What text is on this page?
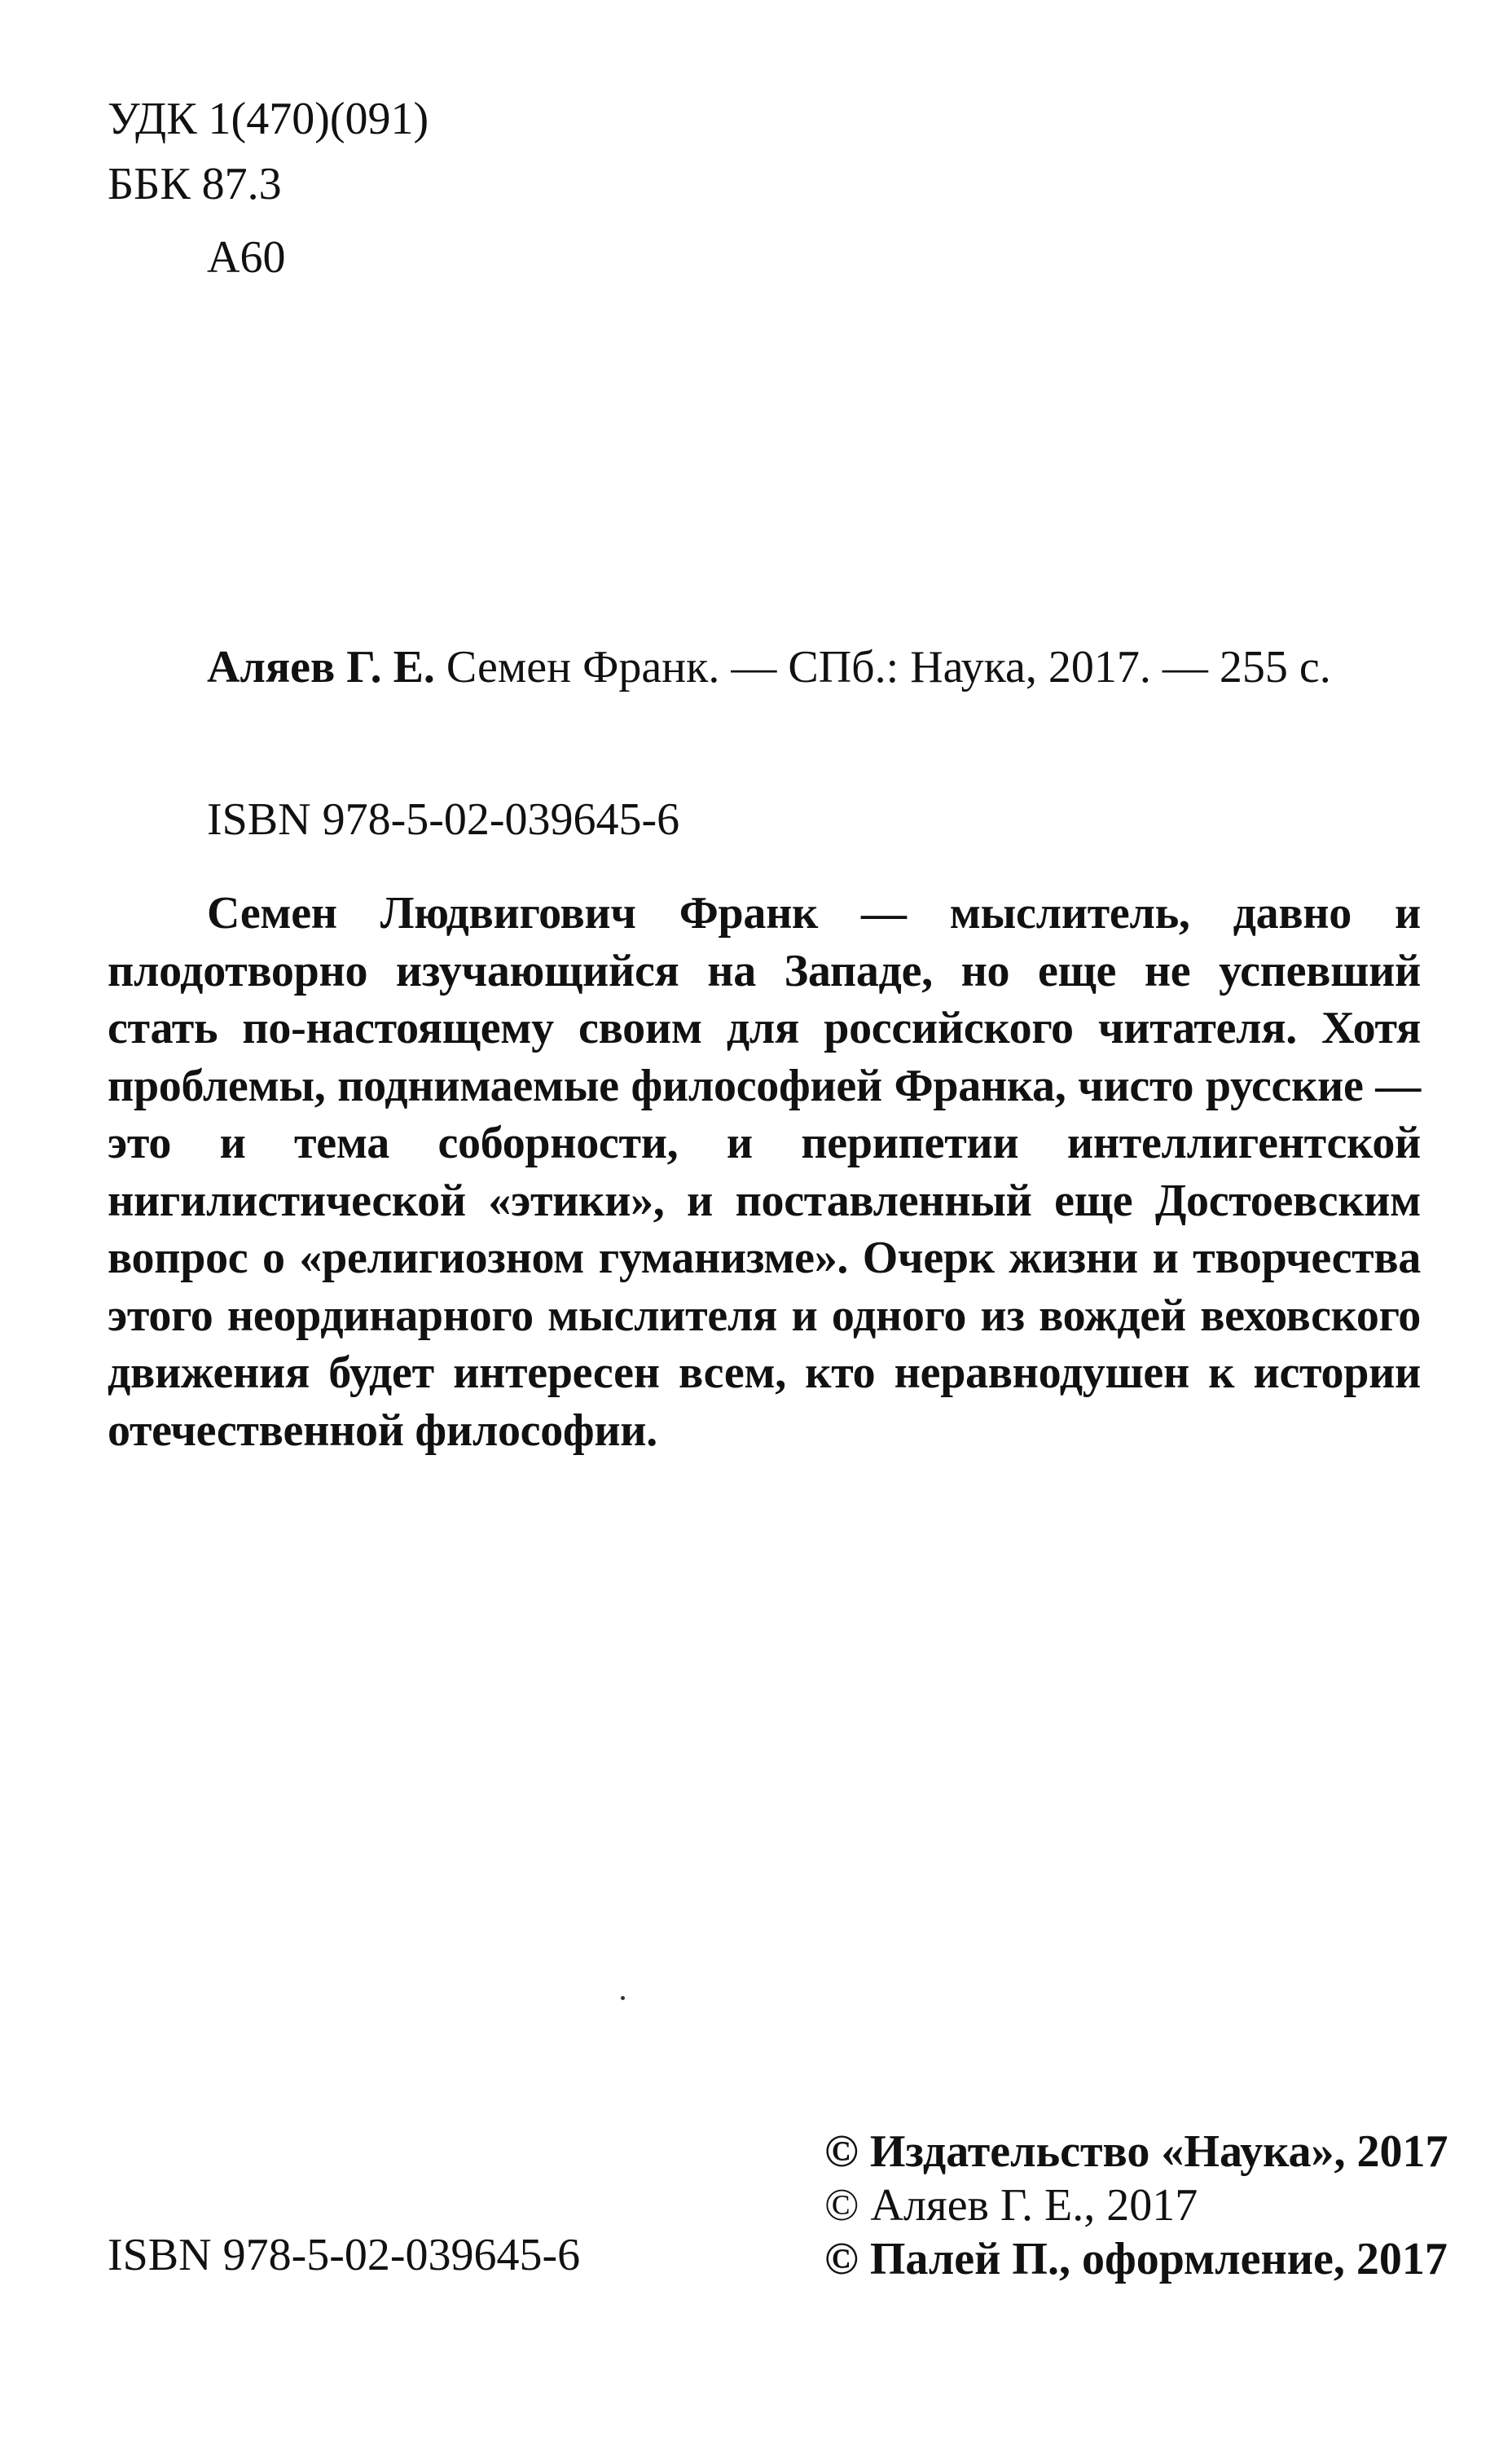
УДК 1(470)(091)
ББК 87.3
А60
Аляев Г. Е. Семен Франк. — СПб.: Наука, 2017. — 255 с.
ISBN 978-5-02-039645-6
Семен Людвигович Франк — мыслитель, давно и плодотворно изучающийся на Западе, но еще не успевший стать по-настоящему своим для российского читателя. Хотя проблемы, поднимаемые философией Франка, чисто русские — это и тема соборности, и перипетии интеллигентской нигилистической «этики», и поставленный еще Достоевским вопрос о «религиозном гуманизме». Очерк жизни и творчества этого неординарного мыслителя и одного из вождей веховского движения будет интересен всем, кто неравнодушен к истории отечественной философии.
ISBN 978-5-02-039645-6
© Издательство «Наука», 2017
© Аляев Г. Е., 2017
© Палей П., оформление, 2017
